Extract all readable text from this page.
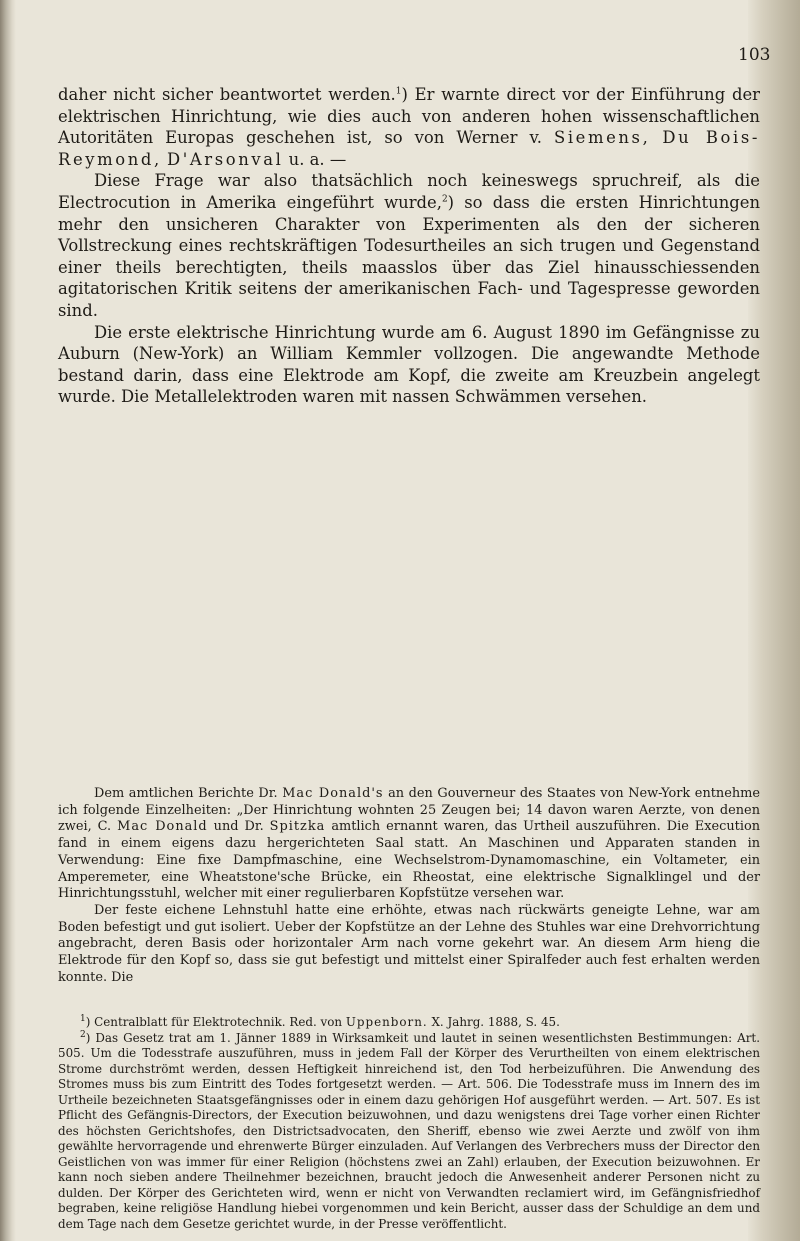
103

daher nicht sicher beantwortet werden.$^1$) Er warnte direct vor der Einführung der elektrischen Hinrichtung, wie dies auch von anderen hohen wissenschaftlichen Autoritäten Europas geschehen ist, so von Werner v. Siemens, Du Bois-Reymond, D'Arsonval u. a. —

Diese Frage war also thatsächlich noch keineswegs spruchreif, als die Electrocution in Amerika eingeführt wurde,$^2$) so dass die ersten Hinrichtungen mehr den unsicheren Charakter von Experimenten als den der sicheren Vollstreckung eines rechtskräftigen Todesurtheiles an sich trugen und Gegenstand einer theils berechtigten, theils maasslos über das Ziel hinausschiessenden agitatorischen Kritik seitens der amerikanischen Fach- und Tagespresse geworden sind.

Die erste elektrische Hinrichtung wurde am 6. August 1890 im Gefängnisse zu Auburn (New-York) an William Kemmler vollzogen. Die angewandte Methode bestand darin, dass eine Elektrode am Kopf, die zweite am Kreuzbein angelegt wurde. Die Metallelektroden waren mit nassen Schwämmen versehen.

Dem amtlichen Berichte Dr. Mac Donald's an den Gouverneur des Staates von New-York entnehme ich folgende Einzelheiten: „Der Hinrichtung wohnten 25 Zeugen bei; 14 davon waren Aerzte, von denen zwei, C. Mac Donald und Dr. Spitzka amtlich ernannt waren, das Urtheil auszuführen. Die Execution fand in einem eigens dazu hergerichteten Saal statt. An Maschinen und Apparaten standen in Verwendung: Eine fixe Dampfmaschine, eine Wechselstrom-Dynamomaschine, ein Voltameter, ein Amperemeter, eine Wheatstone'sche Brücke, ein Rheostat, eine elektrische Signalklingel und der Hinrichtungsstuhl, welcher mit einer regulierbaren Kopfstütze versehen war.

Der feste eichene Lehnstuhl hatte eine erhöhte, etwas nach rückwärts geneigte Lehne, war am Boden befestigt und gut isoliert. Ueber der Kopfstütze an der Lehne des Stuhles war eine Drehvorrichtung angebracht, deren Basis oder horizontaler Arm nach vorne gekehrt war. An diesem Arm hieng die Elektrode für den Kopf so, dass sie gut befestigt und mittelst einer Spiralfeder auch fest erhalten werden konnte. Die

$^1$) Centralblatt für Elektrotechnik. Red. von Uppenborn. X. Jahrg. 1888, S. 45.

$^2$) Das Gesetz trat am 1. Jänner 1889 in Wirksamkeit und lautet in seinen wesentlichsten Bestimmungen: Art. 505. Um die Todesstrafe auszuführen, muss in jedem Fall der Körper des Verurtheilten von einem elektrischen Strome durchströmt werden, dessen Heftigkeit hinreichend ist, den Tod herbeizuführen. Die Anwendung des Stromes muss bis zum Eintritt des Todes fortgesetzt werden. — Art. 506. Die Todesstrafe muss im Innern des im Urtheile bezeichneten Staatsgefängnisses oder in einem dazu gehörigen Hof ausgeführt werden. — Art. 507. Es ist Pflicht des Gefängnis-Directors, der Execution beizuwohnen, und dazu wenigstens drei Tage vorher einen Richter des höchsten Gerichtshofes, den Districtsadvocaten, den Sheriff, ebenso wie zwei Aerzte und zwölf von ihm gewählte hervorragende und ehrenwerte Bürger einzuladen. Auf Verlangen des Verbrechers muss der Director den Geistlichen von was immer für einer Religion (höchstens zwei an Zahl) erlauben, der Execution beizuwohnen. Er kann noch sieben andere Theilnehmer bezeichnen, braucht jedoch die Anwesenheit anderer Personen nicht zu dulden. Der Körper des Gerichteten wird, wenn er nicht von Verwandten reclamiert wird, im Gefängnisfriedhof begraben, keine religiöse Handlung hiebei vorgenommen und kein Bericht, ausser dass der Schuldige an dem und dem Tage nach dem Gesetze gerichtet wurde, in der Presse veröffentlicht.
